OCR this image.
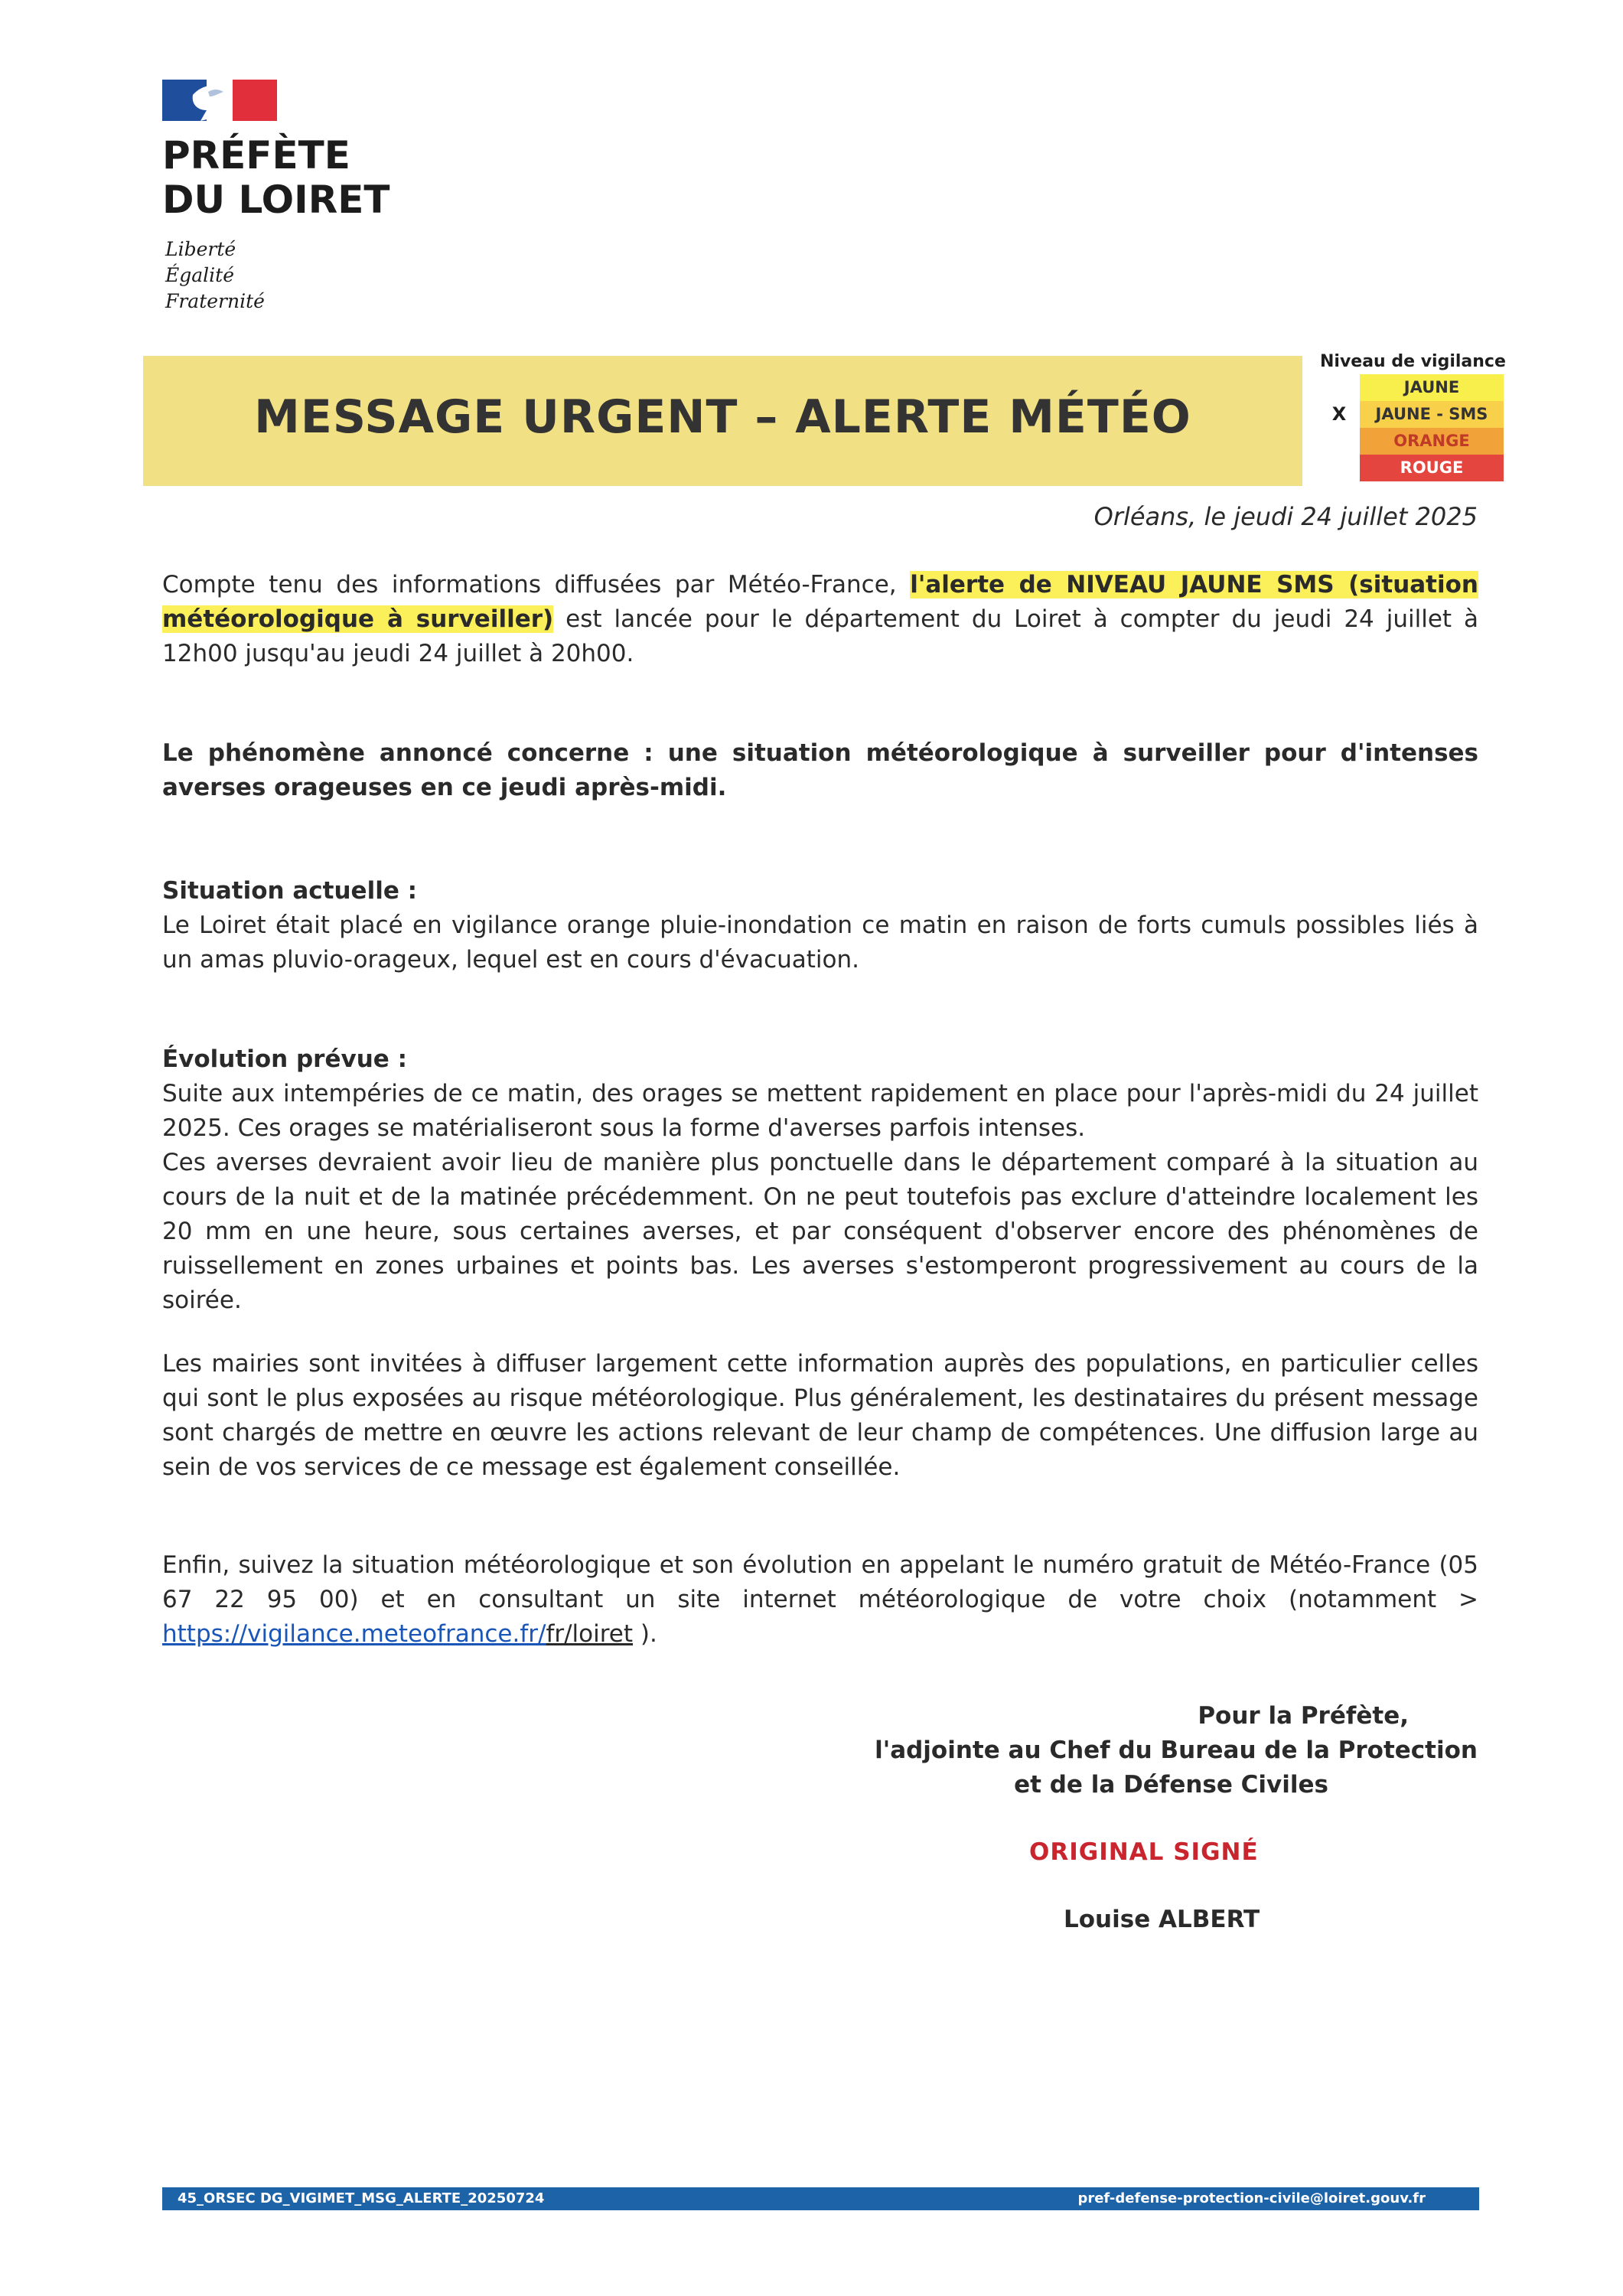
PRÉFÈTE
DU LOIRET
Liberté
Égalité
Fraternité
MESSAGE URGENT – ALERTE MÉTÉO
Niveau de vigilance
JAUNE
X	JAUNE - SMS
ORANGE
ROUGE
Orléans, le jeudi 24 juillet 2025
Compte tenu des informations diffusées par Météo-France, l'alerte de NIVEAU JAUNE SMS (situation météorologique à surveiller) est lancée pour le département du Loiret à compter du jeudi 24 juillet à 12h00 jusqu'au jeudi 24 juillet à 20h00.
Le phénomène annoncé concerne : une situation météorologique à surveiller pour d'intenses averses orageuses en ce jeudi après-midi.
Situation actuelle :
Le Loiret était placé en vigilance orange pluie-inondation ce matin en raison de forts cumuls possibles liés à un amas pluvio-orageux, lequel est en cours d'évacuation.
Évolution prévue :
Suite aux intempéries de ce matin, des orages se mettent rapidement en place pour l'après-midi du 24 juillet 2025. Ces orages se matérialiseront sous la forme d'averses parfois intenses.
Ces averses devraient avoir lieu de manière plus ponctuelle dans le département comparé à la situation au cours de la nuit et de la matinée précédemment. On ne peut toutefois pas exclure d'atteindre localement les 20 mm en une heure, sous certaines averses, et par conséquent d'observer encore des phénomènes de ruissellement en zones urbaines et points bas. Les averses s'estomperont progressivement au cours de la soirée.
Les mairies sont invitées à diffuser largement cette information auprès des populations, en particulier celles qui sont le plus exposées au risque météorologique. Plus généralement, les destinataires du présent message sont chargés de mettre en œuvre les actions relevant de leur champ de compétences. Une diffusion large au sein de vos services de ce message est également conseillée.
Enfin, suivez la situation météorologique et son évolution en appelant le numéro gratuit de Météo-France (05 67 22 95 00) et en consultant un site internet météorologique de votre choix (notamment > https://vigilance.meteofrance.fr/fr/loiret ).
Pour la Préfète,
l'adjointe au Chef du Bureau de la Protection
et de la Défense Civiles
ORIGINAL SIGNÉ
Louise ALBERT
45_ORSEC DG_VIGIMET_MSG_ALERTE_20250724	pref-defense-protection-civile@loiret.gouv.fr
